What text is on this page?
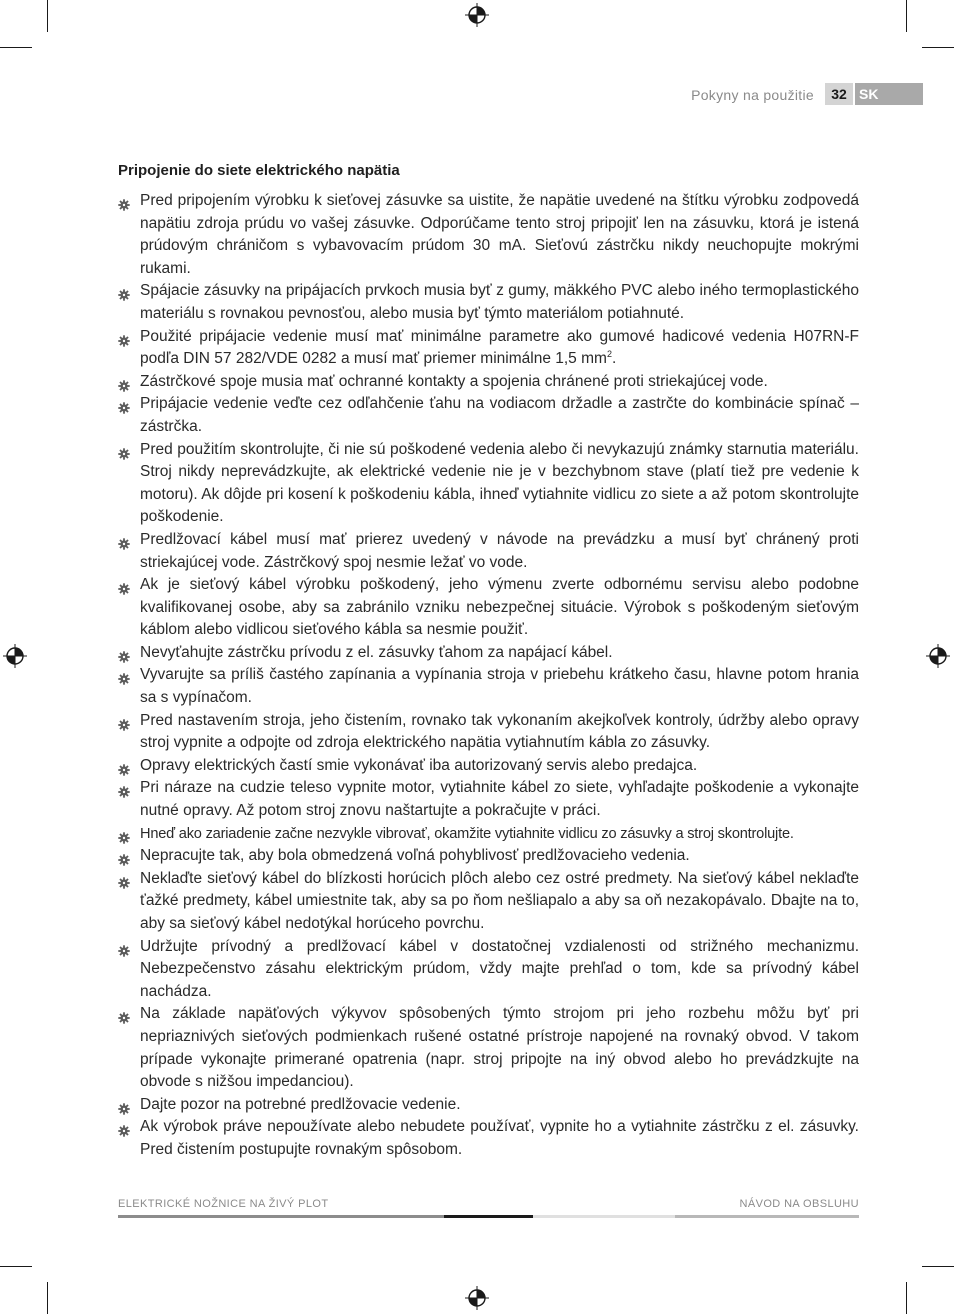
Pokyny na použitie	32 SK
Pripojenie do siete elektrického napätia
Pred pripojením výrobku k sieťovej zásuvke sa uistite, že napätie uvedené na štítku výrobku zodpovedá napätiu zdroja prúdu vo vašej zásuvke. Odporúčame tento stroj pripojiť len na zásuvku, ktorá je istená prúdovým chráničom s vybavovacím prúdom 30 mA. Sieťovú zástrčku nikdy neuchopujte mokrými rukami.
Spájacie zásuvky na pripájacích prvkoch musia byť z gumy, mäkkého PVC alebo iného termoplastického materiálu s rovnakou pevnosťou, alebo musia byť týmto materiálom potiahnuté.
Použité pripájacie vedenie musí mať minimálne parametre ako gumové hadicové vedenia H07RN-F podľa DIN 57 282/VDE 0282 a musí mať priemer minimálne 1,5 $mm^2$.
Zástrčkové spoje musia mať ochranné kontakty a spojenia chránené proti striekajúcej vode.
Pripájacie vedenie veďte cez odľahčenie ťahu na vodiacom držadle a zastrčte do kombinácie spínač – zástrčka.
Pred použitím skontrolujte, či nie sú poškodené vedenia alebo či nevykazujú známky starnutia materiálu. Stroj nikdy neprevádzkujte, ak elektrické vedenie nie je v bezchybnom stave (platí tiež pre vedenie k motoru). Ak dôjde pri kosení k poškodeniu kábla, ihneď vytiahnite vidlicu zo siete a až potom skontrolujte poškodenie.
Predlžovací kábel musí mať prierez uvedený v návode na prevádzku a musí byť chránený proti striekajúcej vode. Zástrčkový spoj nesmie ležať vo vode.
Ak je sieťový kábel výrobku poškodený, jeho výmenu zverte odbornému servisu alebo podobne kvalifikovanej osobe, aby sa zabránilo vzniku nebezpečnej situácie. Výrobok s poškodeným sieťovým káblom alebo vidlicou sieťového kábla sa nesmie použiť.
Nevyťahujte zástrčku prívodu z el. zásuvky ťahom za napájací kábel.
Vyvarujte sa príliš častého zapínania a vypínania stroja v priebehu krátkeho času, hlavne potom hrania sa s vypínačom.
Pred nastavením stroja, jeho čistením, rovnako tak vykonaním akejkoľvek kontroly, údržby alebo opravy stroj vypnite a odpojte od zdroja elektrického napätia vytiahnutím kábla zo zásuvky.
Opravy elektrických častí smie vykonávať iba autorizovaný servis alebo predajca.
Pri náraze na cudzie teleso vypnite motor, vytiahnite kábel zo siete, vyhľadajte poškodenie a vykonajte nutné opravy. Až potom stroj znovu naštartujte a pokračujte v práci.
Hneď ako zariadenie začne nezvykle vibrovať, okamžite vytiahnite vidlicu zo zásuvky a stroj skontrolujte.
Nepracujte tak, aby bola obmedzená voľná pohyblivosť predlžovacieho vedenia.
Neklaďte sieťový kábel do blízkosti horúcich plôch alebo cez ostré predmety. Na sieťový kábel neklaďte ťažké predmety, kábel umiestnite tak, aby sa po ňom nešliapalo a aby sa oň nezakopávalo. Dbajte na to, aby sa sieťový kábel nedotýkal horúceho povrchu.
Udržujte prívodný a predlžovací kábel v dostatočnej vzdialenosti od strižného mechanizmu. Nebezpečenstvo zásahu elektrickým prúdom, vždy majte prehľad o tom, kde sa prívodný kábel nachádza.
Na základe napäťových výkyvov spôsobených týmto strojom pri jeho rozbehu môžu byť pri nepriaznivých sieťových podmienkach rušené ostatné prístroje napojené na rovnaký obvod. V takom prípade vykonajte primerané opatrenia (napr. stroj pripojte na iný obvod alebo ho prevádzkujte na obvode s nižšou impedanciou).
Dajte pozor na potrebné predlžovacie vedenie.
Ak výrobok práve nepoužívate alebo nebudete používať, vypnite ho a vytiahnite zástrčku z el. zásuvky. Pred čistením postupujte rovnakým spôsobom.
ELEKTRICKÉ NOŽNICE NA ŽIVÝ PLOT	NÁVOD NA OBSLUHU
